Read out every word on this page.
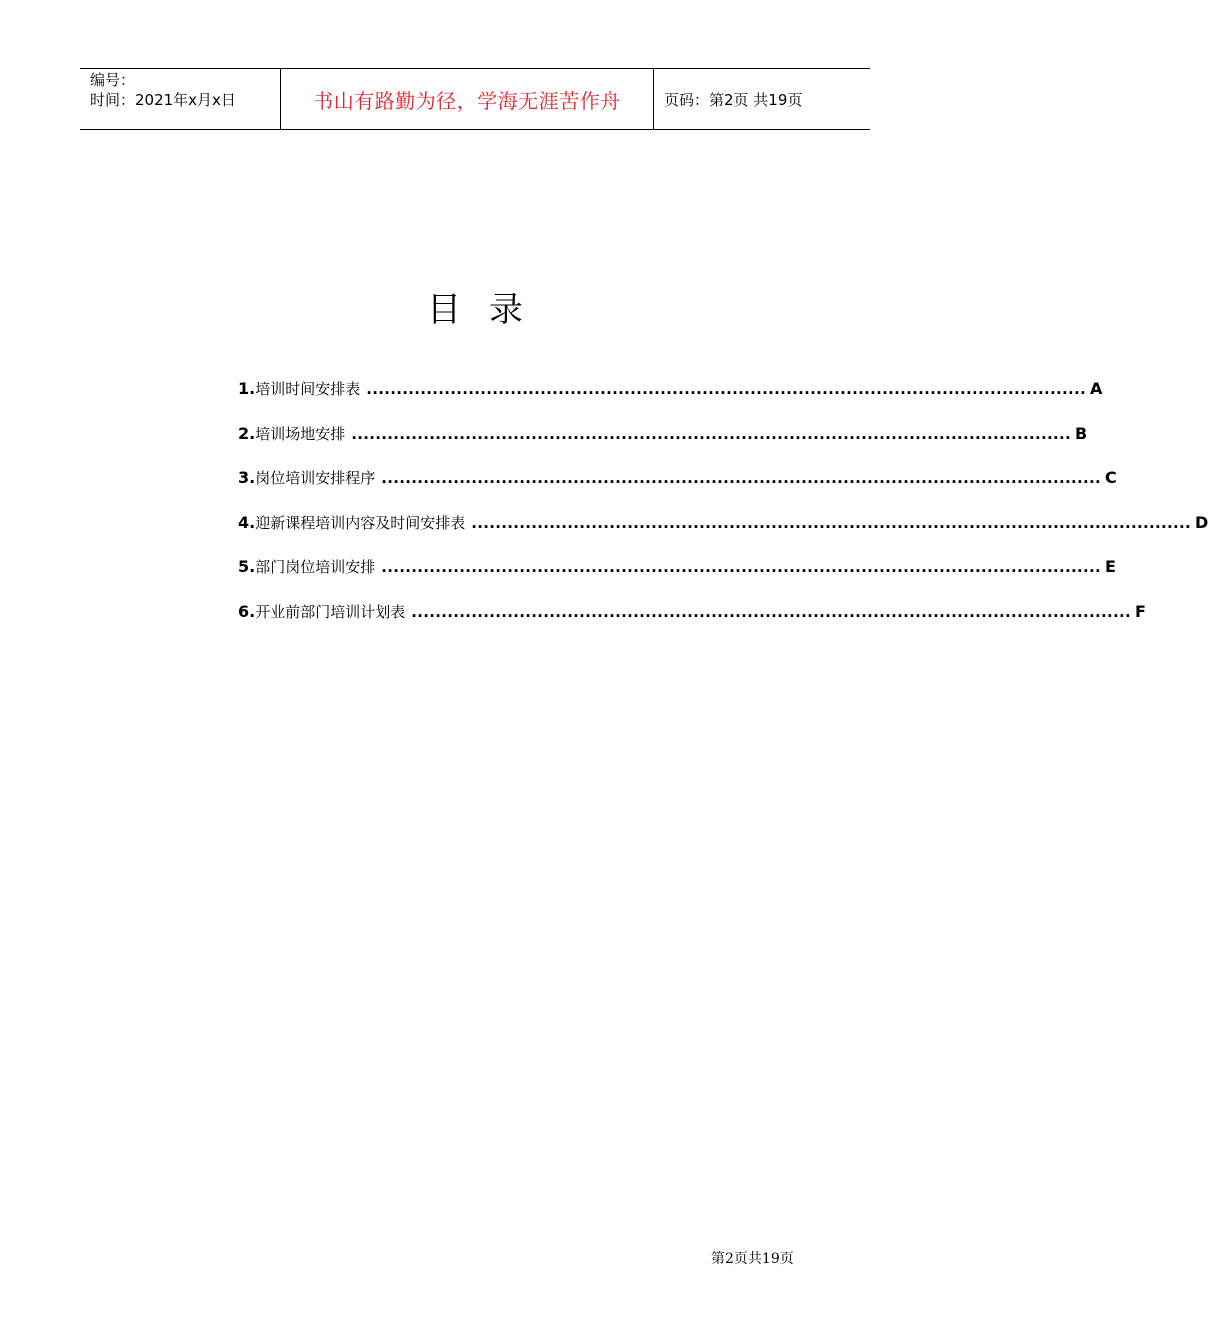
编号：
时间：2021年x月x日	书山有路勤为径，学海无涯苦作舟	页码：第2页 共19页
目录
1. 培训时间安排表 ........................................................................................................................ A
2. 培训场地安排 ........................................................................................................................ B
3. 岗位培训安排程序 ........................................................................................................................ C
4. 迎新课程培训内容及时间安排表 ........................................................................................................................ D
5. 部门岗位培训安排 ........................................................................................................................ E
6. 开业前部门培训计划表 ........................................................................................................................ F
第2页共19页
